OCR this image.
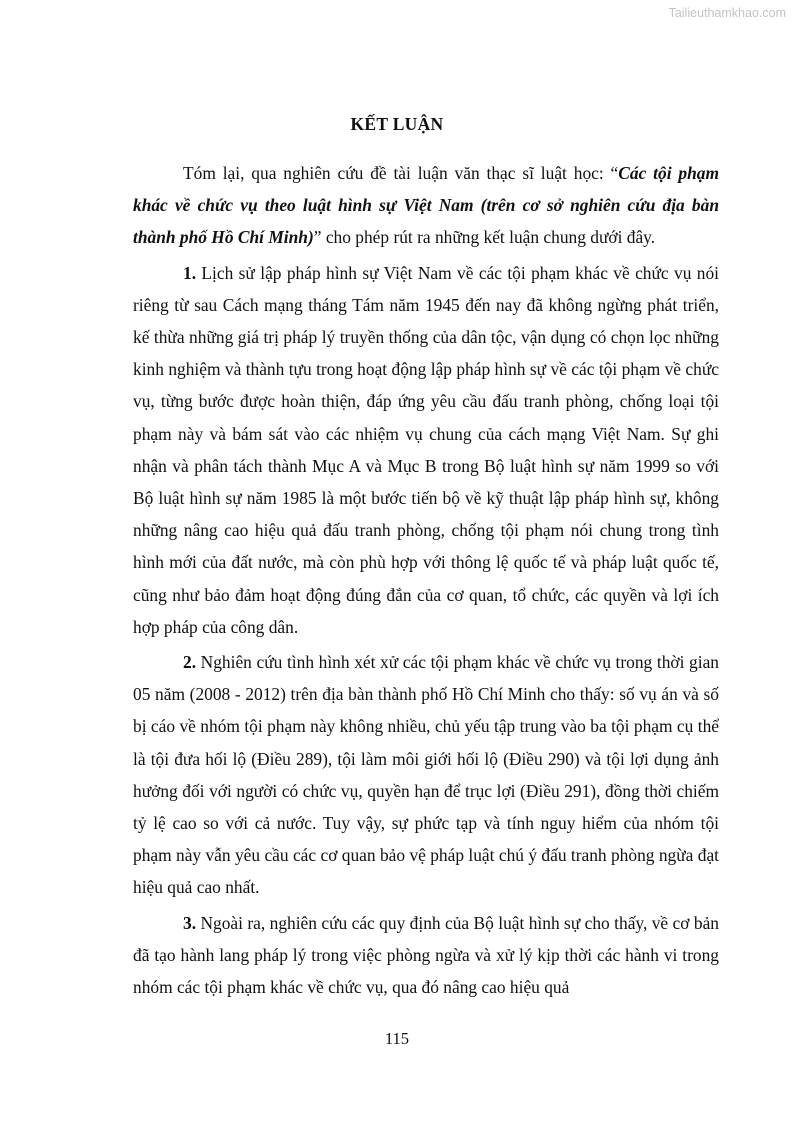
Tailieuthamkhao.com
KẾT LUẬN

Tóm lại, qua nghiên cứu đề tài luận văn thạc sĩ luật học: “Các tội phạm khác về chức vụ theo luật hình sự Việt Nam (trên cơ sở nghiên cứu địa bàn thành phố Hồ Chí Minh)” cho phép rút ra những kết luận chung dưới đây.

1. Lịch sử lập pháp hình sự Việt Nam về các tội phạm khác về chức vụ nói riêng từ sau Cách mạng tháng Tám năm 1945 đến nay đã không ngừng phát triển, kế thừa những giá trị pháp lý truyền thống của dân tộc, vận dụng có chọn lọc những kinh nghiệm và thành tựu trong hoạt động lập pháp hình sự về các tội phạm về chức vụ, từng bước được hoàn thiện, đáp ứng yêu cầu đấu tranh phòng, chống loại tội phạm này và bám sát vào các nhiệm vụ chung của cách mạng Việt Nam. Sự ghi nhận và phân tách thành Mục A và Mục B trong Bộ luật hình sự năm 1999 so với Bộ luật hình sự năm 1985 là một bước tiến bộ về kỹ thuật lập pháp hình sự, không những nâng cao hiệu quả đấu tranh phòng, chống tội phạm nói chung trong tình hình mới của đất nước, mà còn phù hợp với thông lệ quốc tế và pháp luật quốc tế, cũng như bảo đảm hoạt động đúng đắn của cơ quan, tổ chức, các quyền và lợi ích hợp pháp của công dân.

2. Nghiên cứu tình hình xét xử các tội phạm khác về chức vụ trong thời gian 05 năm (2008 - 2012) trên địa bàn thành phố Hồ Chí Minh cho thấy: số vụ án và số bị cáo về nhóm tội phạm này không nhiều, chủ yếu tập trung vào ba tội phạm cụ thể là tội đưa hối lộ (Điều 289), tội làm môi giới hối lộ (Điều 290) và tội lợi dụng ảnh hưởng đối với người có chức vụ, quyền hạn để trục lợi (Điều 291), đồng thời chiếm tỷ lệ cao so với cả nước. Tuy vậy, sự phức tạp và tính nguy hiểm của nhóm tội phạm này vẫn yêu cầu các cơ quan bảo vệ pháp luật chú ý đấu tranh phòng ngừa đạt hiệu quả cao nhất.

3. Ngoài ra, nghiên cứu các quy định của Bộ luật hình sự cho thấy, về cơ bản đã tạo hành lang pháp lý trong việc phòng ngừa và xử lý kịp thời các hành vi trong nhóm các tội phạm khác về chức vụ, qua đó nâng cao hiệu quả

115
